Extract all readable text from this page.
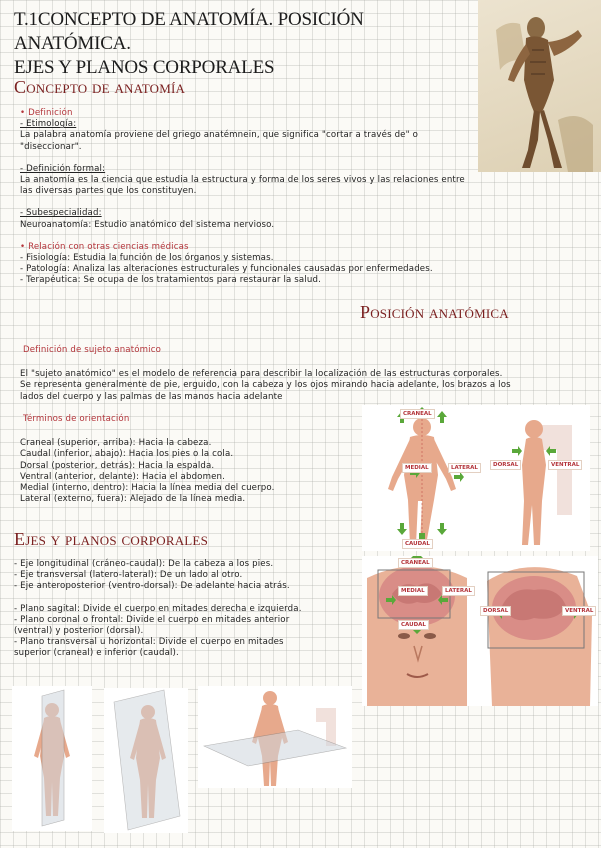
T.1CONCEPTO DE ANATOMÍA. POSICIÓN ANATÓMICA.
EJES Y PLANOS CORPORALES
Concepto de anatomía
• Definición
- Etimología:
La palabra anatomía proviene del griego anatémnein, que significa "cortar a través de" o
"diseccionar".
- Definición formal:
La anatomía es la ciencia que estudia la estructura y forma de los seres vivos y las relaciones entre
las diversas partes que los constituyen.
- Subespecialidad:
Neuroanatomía: Estudio anatómico del sistema nervioso.
• Relación con otras ciencias médicas
- Fisiología: Estudia la función de los órganos y sistemas.
- Patología: Analiza las alteraciones estructurales y funcionales causadas por enfermedades.
- Terapéutica: Se ocupa de los tratamientos para restaurar la salud.
Posición anatómica
Definición de sujeto anatómico
El "sujeto anatómico" es el modelo de referencia para describir la localización de las estructuras corporales.
Se representa generalmente de pie, erguido, con la cabeza y los ojos mirando hacia adelante, los brazos a los
lados del cuerpo y las palmas de las manos hacia adelante
Términos de orientación
Craneal (superior, arriba): Hacia la cabeza.
Caudal (inferior, abajo): Hacia los pies o la cola.
Dorsal (posterior, detrás): Hacia la espalda.
Ventral (anterior, delante): Hacia el abdomen.
Medial (interno, dentro): Hacia la línea media del cuerpo.
Lateral (externo, fuera): Alejado de la línea media.
CRANEAL
CAUDAL
MEDIAL	LATERAL	DORSAL	VENTRAL
Ejes y planos corporales
- Eje longitudinal (cráneo-caudal): De la cabeza a los pies.
- Eje transversal (latero-lateral): De un lado al otro.
- Eje anteroposterior (ventro-dorsal): De adelante hacia atrás.
- Plano sagital: Divide el cuerpo en mitades derecha e izquierda.
- Plano coronal o frontal: Divide el cuerpo en mitades anterior
(ventral) y posterior (dorsal).
- Plano transversal u horizontal: Divide el cuerpo en mitades
superior (craneal) e inferior (caudal).
CRANEAL
MEDIAL
CAUDAL
LATERAL
DORSAL	VENTRAL
